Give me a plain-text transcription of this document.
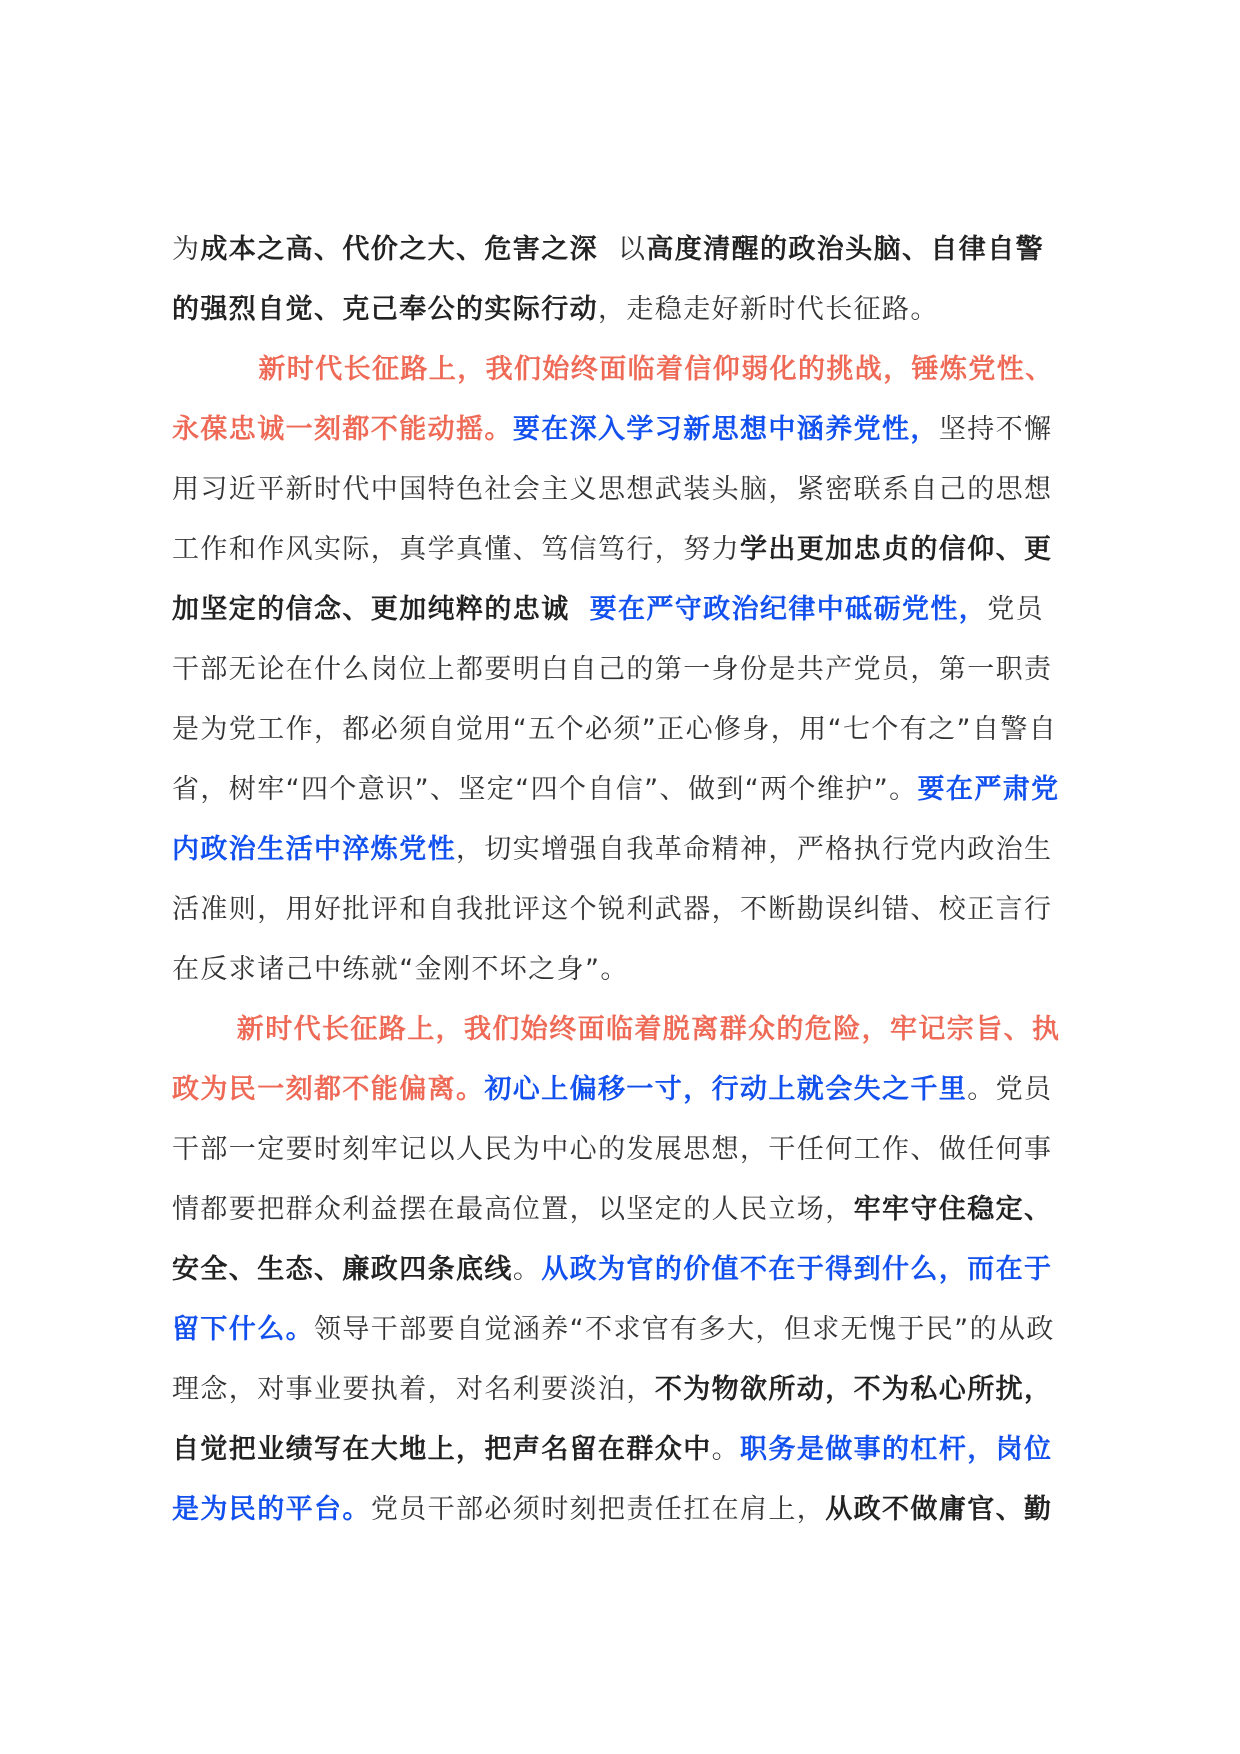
为成本之高、代价之大、危害之深  以高度清醒的政治头脑、自律自警
的强烈自觉、克己奉公的实际行动，走稳走好新时代长征路。
新时代长征路上，我们始终面临着信仰弱化的挑战，锤炼党性、
永葆忠诚一刻都不能动摇。要在深入学习新思想中涵养党性，坚持不懈
用习近平新时代中国特色社会主义思想武装头脑，紧密联系自己的思想
工作和作风实际，真学真懂、笃信笃行，努力学出更加忠贞的信仰、更
加坚定的信念、更加纯粹的忠诚 要在严守政治纪律中砥砺党性，党员
干部无论在什么岗位上都要明白自己的第一身份是共产党员，第一职责
是为党工作，都必须自觉用“五个必须”正心修身，用“七个有之”自警自
省，树牢“四个意识”、坚定“四个自信”、做到“两个维护”。要在严肃党
内政治生活中淬炼党性，切实增强自我革命精神，严格执行党内政治生
活准则，用好批评和自我批评这个锐利武器，不断勘误纠错、校正言行
在反求诸己中练就“金刚不坏之身”。
新时代长征路上，我们始终面临着脱离群众的危险，牢记宗旨、执
政为民一刻都不能偏离。初心上偏移一寸，行动上就会失之千里。党员
干部一定要时刻牢记以人民为中心的发展思想，干任何工作、做任何事
情都要把群众利益摆在最高位置，以坚定的人民立场，牢牢守住稳定、
安全、生态、廉政四条底线。从政为官的价值不在于得到什么，而在于
留下什么。领导干部要自觉涵养“不求官有多大，但求无愧于民”的从政
理念，对事业要执着，对名利要淡泊，不为物欲所动，不为私心所扰，
自觉把业绩写在大地上，把声名留在群众中。职务是做事的杠杆，岗位
是为民的平台。党员干部必须时刻把责任扛在肩上，从政不做庸官、勤
